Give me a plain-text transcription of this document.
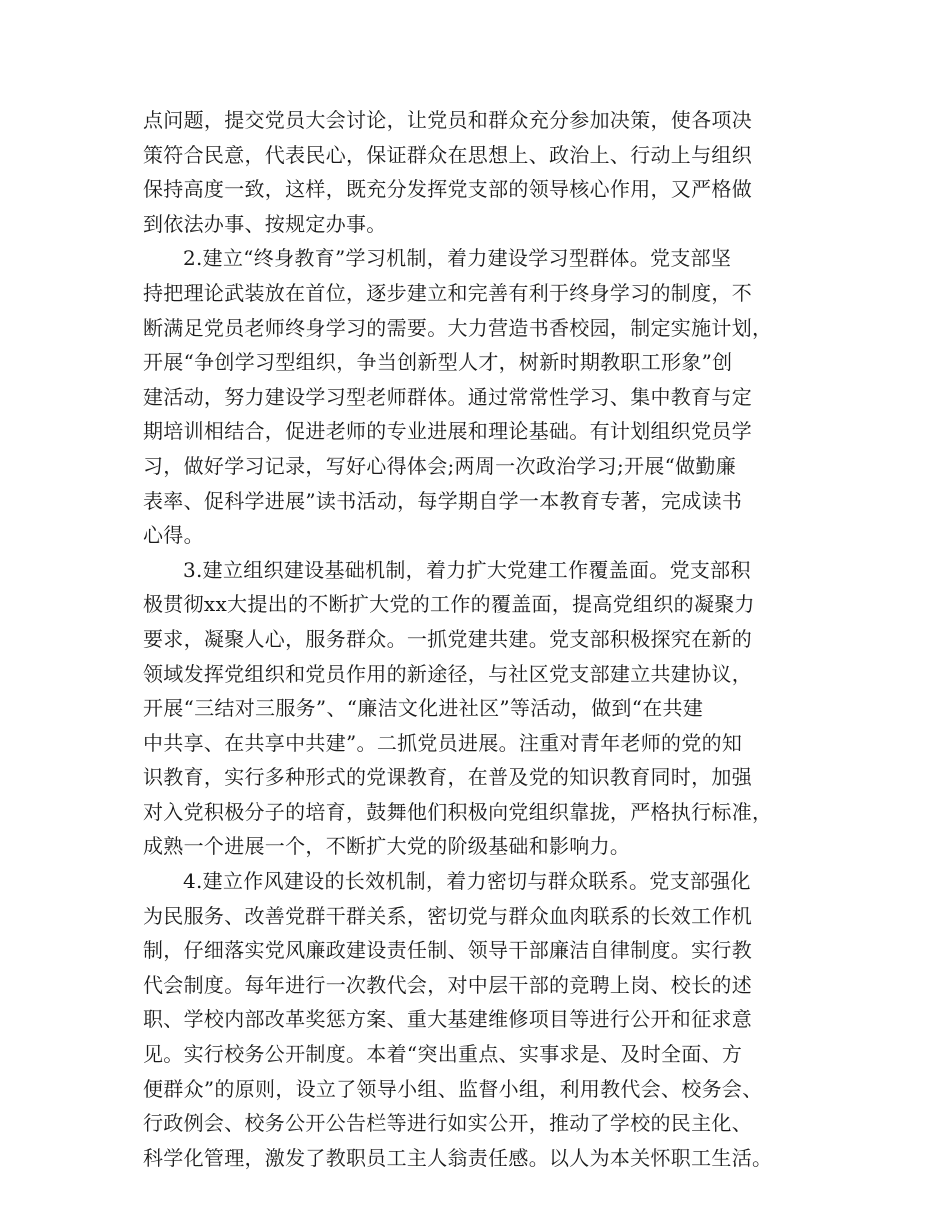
点问题，提交党员大会讨论，让党员和群众充分参加决策，使各项决
策符合民意，代表民心，保证群众在思想上、政治上、行动上与组织
保持高度一致，这样，既充分发挥党支部的领导核心作用，又严格做
到依法办事、按规定办事。
2.建立“终身教育”学习机制，着力建设学习型群体。党支部坚
持把理论武装放在首位，逐步建立和完善有利于终身学习的制度，不
断满足党员老师终身学习的需要。大力营造书香校园，制定实施计划，
开展“争创学习型组织，争当创新型人才，树新时期教职工形象”创
建活动，努力建设学习型老师群体。通过常常性学习、集中教育与定
期培训相结合，促进老师的专业进展和理论基础。有计划组织党员学
习，做好学习记录，写好心得体会;两周一次政治学习;开展“做勤廉
表率、促科学进展”读书活动，每学期自学一本教育专著，完成读书
心得。
3.建立组织建设基础机制，着力扩大党建工作覆盖面。党支部积
极贯彻xx大提出的不断扩大党的工作的覆盖面，提高党组织的凝聚力
要求，凝聚人心，服务群众。一抓党建共建。党支部积极探究在新的
领域发挥党组织和党员作用的新途径，与社区党支部建立共建协议，
开展“三结对三服务”、“廉洁文化进社区”等活动，做到“在共建
中共享、在共享中共建”。二抓党员进展。注重对青年老师的党的知
识教育，实行多种形式的党课教育，在普及党的知识教育同时，加强
对入党积极分子的培育，鼓舞他们积极向党组织靠拢，严格执行标准，
成熟一个进展一个，不断扩大党的阶级基础和影响力。
4.建立作风建设的长效机制，着力密切与群众联系。党支部强化
为民服务、改善党群干群关系，密切党与群众血肉联系的长效工作机
制，仔细落实党风廉政建设责任制、领导干部廉洁自律制度。实行教
代会制度。每年进行一次教代会，对中层干部的竞聘上岗、校长的述
职、学校内部改革奖惩方案、重大基建维修项目等进行公开和征求意
见。实行校务公开制度。本着“突出重点、实事求是、及时全面、方
便群众”的原则，设立了领导小组、监督小组，利用教代会、校务会、
行政例会、校务公开公告栏等进行如实公开，推动了学校的民主化、
科学化管理，激发了教职员工主人翁责任感。以人为本关怀职工生活。
